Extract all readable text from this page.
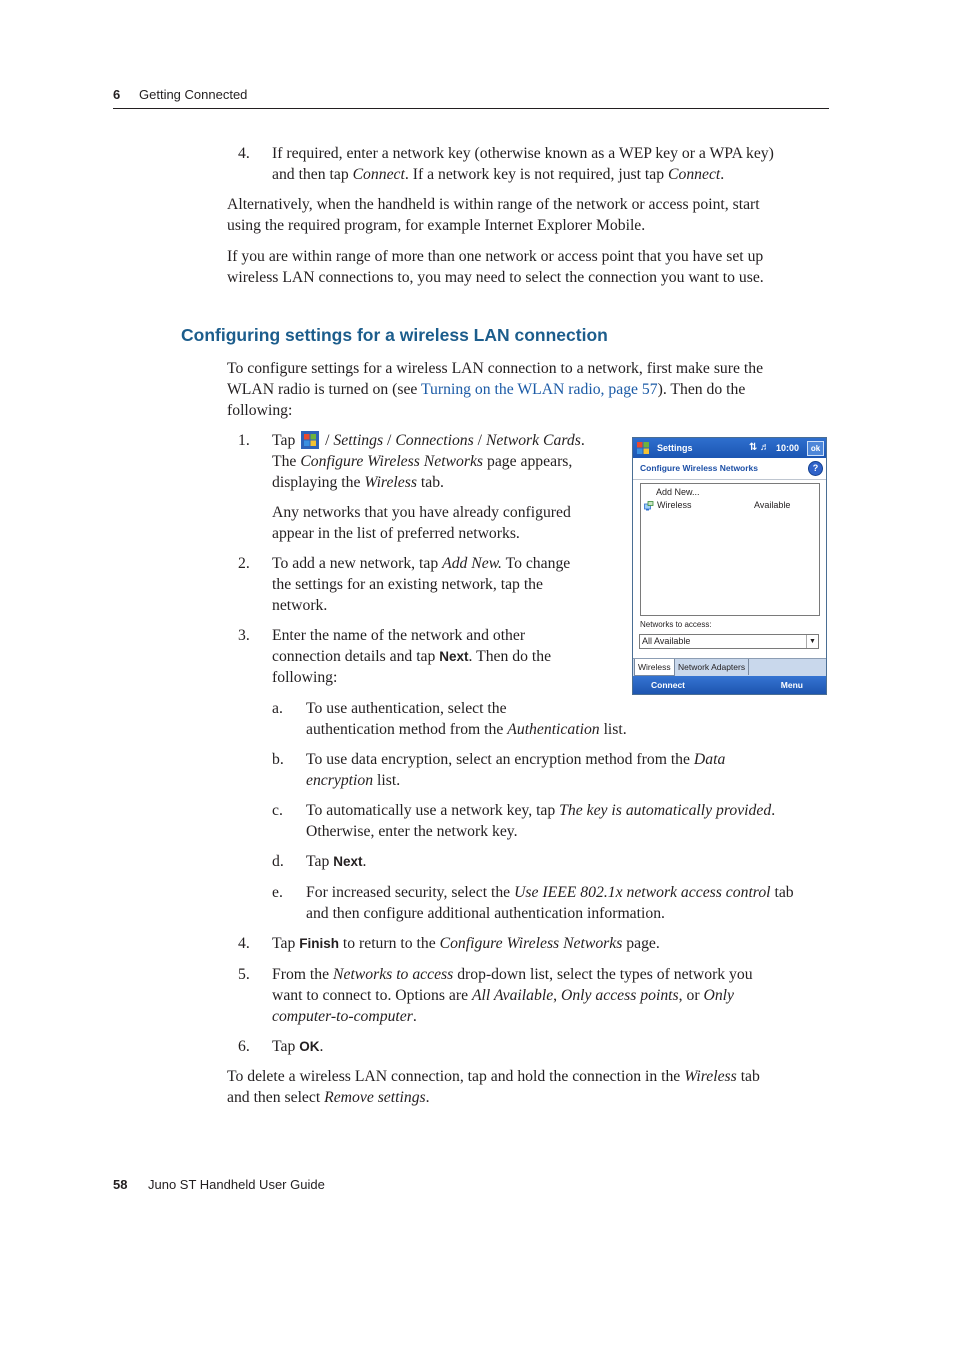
6 Getting Connected
4. If required, enter a network key (otherwise known as a WEP key or a WPA key)
and then tap Connect. If a network key is not required, just tap Connect.
Alternatively, when the handheld is within range of the network or access point, start
using the required program, for example Internet Explorer Mobile.
If you are within range of more than one network or access point that you have set up
wireless LAN connections to, you may need to select the connection you want to use.
Configuring settings for a wireless LAN connection
To configure settings for a wireless LAN connection to a network, first make sure the
WLAN radio is turned on (see Turning on the WLAN radio, page 57). Then do the
following:
1. Tap  / Settings / Connections / Network Cards.
The Configure Wireless Networks page appears,
displaying the Wireless tab.
Any networks that you have already configured
appear in the list of preferred networks.
2. To add a new network, tap Add New. To change
the settings for an existing network, tap the
network.
3. Enter the name of the network and other
connection details and tap Next. Then do the
following:
a. To use authentication, select the
authentication method from the Authentication list.
b. To use data encryption, select an encryption method from the Data
encryption list.
c. To automatically use a network key, tap The key is automatically provided.
Otherwise, enter the network key.
d. Tap Next.
e. For increased security, select the Use IEEE 802.1x network access control tab
and then configure additional authentication information.
4. Tap Finish to return to the Configure Wireless Networks page.
5. From the Networks to access drop-down list, select the types of network you
want to connect to. Options are All Available, Only access points, or Only
computer-to-computer.
6. Tap OK.
To delete a wireless LAN connection, tap and hold the connection in the Wireless tab
and then select Remove settings.
Settings	⇅ ♬ 10:00	ok
Configure Wireless Networks	?
Add New...
Wireless	Available
Networks to access:
All Available	▼
Wireless Network Adapters
Connect	Menu
58 Juno ST Handheld User Guide
